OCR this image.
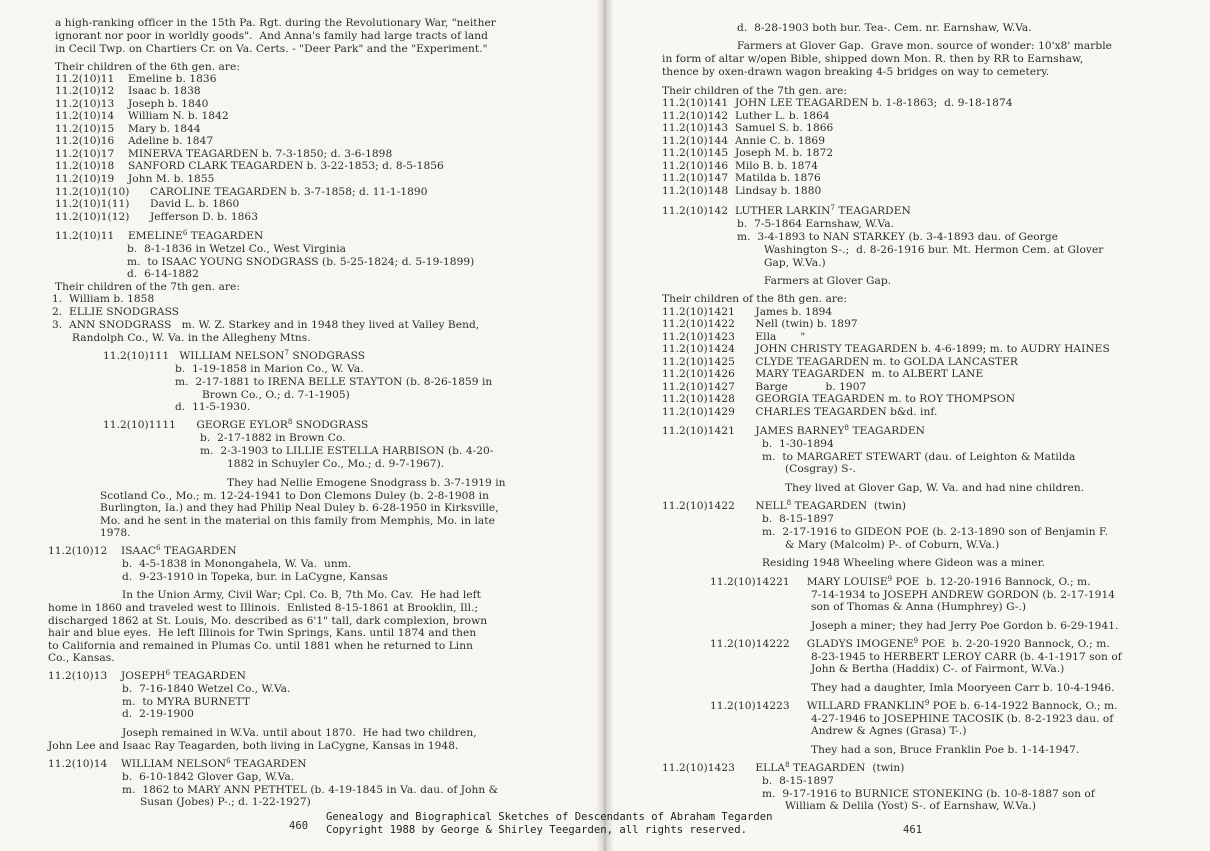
460
a high-ranking officer in the 15th Pa. Rgt. during the Revolutionary War, "neither
ignorant nor poor in worldly goods".  And Anna's family had large tracts of land
in Cecil Twp. on Chartiers Cr. on Va. Certs. - "Deer Park" and the "Experiment."
Their children of the 6th gen. are:
11.2(10)11    Emeline b. 1836
11.2(10)12    Isaac b. 1838
11.2(10)13    Joseph b. 1840
11.2(10)14    William N. b. 1842
11.2(10)15    Mary b. 1844
11.2(10)16    Adeline b. 1847
11.2(10)17    MINERVA TEAGARDEN b. 7-3-1850; d. 3-6-1898
11.2(10)18    SANFORD CLARK TEAGARDEN b. 3-22-1853; d. 8-5-1856
11.2(10)19    John M. b. 1855
11.2(10)1(10)      CAROLINE TEAGARDEN b. 3-7-1858; d. 11-1-1890
11.2(10)1(11)      David L. b. 1860
11.2(10)1(12)      Jefferson D. b. 1863
11.2(10)11    EMELINE$^6$ TEAGARDEN
b.  8-1-1836 in Wetzel Co., West Virginia
m.  to ISAAC YOUNG SNODGRASS (b. 5-25-1824; d. 5-19-1899)
d.  6-14-1882
Their children of the 7th gen. are:
1.  William b. 1858
2.  ELLIE SNODGRASS
3.  ANN SNODGRASS   m. W. Z. Starkey and in 1948 they lived at Valley Bend,
Randolph Co., W. Va. in the Allegheny Mtns.
11.2(10)111   WILLIAM NELSON$^7$ SNODGRASS
b.  1-19-1858 in Marion Co., W. Va.
m.  2-17-1881 to IRENA BELLE STAYTON (b. 8-26-1859 in
Brown Co., O.; d. 7-1-1905)
d.  11-5-1930.
11.2(10)1111      GEORGE EYLOR$^8$ SNODGRASS
b.  2-17-1882 in Brown Co.
m.  2-3-1903 to LILLIE ESTELLA HARBISON (b. 4-20-
1882 in Schuyler Co., Mo.; d. 9-7-1967).
They had Nellie Emogene Snodgrass b. 3-7-1919 in
Scotland Co., Mo.; m. 12-24-1941 to Don Clemons Duley (b. 2-8-1908 in
Burlington, Ia.) and they had Philip Neal Duley b. 6-28-1950 in Kirksville,
Mo. and he sent in the material on this family from Memphis, Mo. in late
1978.
11.2(10)12    ISAAC$^6$ TEAGARDEN
b.  4-5-1838 in Monongahela, W. Va.  unm.
d.  9-23-1910 in Topeka, bur. in LaCygne, Kansas
In the Union Army, Civil War; Cpl. Co. B, 7th Mo. Cav.  He had left
home in 1860 and traveled west to Illinois.  Enlisted 8-15-1861 at Brooklin, Ill.;
discharged 1862 at St. Louis, Mo. described as 6'1" tall, dark complexion, brown
hair and blue eyes.  He left Illinois for Twin Springs, Kans. until 1874 and then
to California and remained in Plumas Co. until 1881 when he returned to Linn
Co., Kansas.
11.2(10)13    JOSEPH$^6$ TEAGARDEN
b.  7-16-1840 Wetzel Co., W.Va.
m.  to MYRA BURNETT
d.  2-19-1900
Joseph remained in W.Va. until about 1870.  He had two children,
John Lee and Isaac Ray Teagarden, both living in LaCygne, Kansas in 1948.
11.2(10)14    WILLIAM NELSON$^6$ TEAGARDEN
b.  6-10-1842 Glover Gap, W.Va.
m.  1862 to MARY ANN PETHTEL (b. 4-19-1845 in Va. dau. of John &
Susan (Jobes) P-.; d. 1-22-1927)
461
d.  8-28-1903 both bur. Tea-. Cem. nr. Earnshaw, W.Va.
Farmers at Glover Gap.  Grave mon. source of wonder: 10'x8' marble
in form of altar w/open Bible, shipped down Mon. R. then by RR to Earnshaw,
thence by oxen-drawn wagon breaking 4-5 bridges on way to cemetery.
Their children of the 7th gen. are:
11.2(10)141  JOHN LEE TEAGARDEN b. 1-8-1863;  d. 9-18-1874
11.2(10)142  Luther L. b. 1864
11.2(10)143  Samuel S. b. 1866
11.2(10)144  Annie C. b. 1869
11.2(10)145  Joseph M. b. 1872
11.2(10)146  Milo B. b. 1874
11.2(10)147  Matilda b. 1876
11.2(10)148  Lindsay b. 1880
11.2(10)142  LUTHER LARKIN$^7$ TEAGARDEN
b.  7-5-1864 Earnshaw, W.Va.
m.  3-4-1893 to NAN STARKEY (b. 3-4-1893 dau. of George
Washington S-.;  d. 8-26-1916 bur. Mt. Hermon Cem. at Glover
Gap, W.Va.)
Farmers at Glover Gap.
Their children of the 8th gen. are:
11.2(10)1421      James b. 1894
11.2(10)1422      Nell (twin) b. 1897
11.2(10)1423      Ella       "
11.2(10)1424      JOHN CHRISTY TEAGARDEN b. 4-6-1899; m. to AUDRY HAINES
11.2(10)1425      CLYDE TEAGARDEN m. to GOLDA LANCASTER
11.2(10)1426      MARY TEAGARDEN  m. to ALBERT LANE
11.2(10)1427      Barge           b. 1907
11.2(10)1428      GEORGIA TEAGARDEN m. to ROY THOMPSON
11.2(10)1429      CHARLES TEAGARDEN b&d. inf.
11.2(10)1421      JAMES BARNEY$^8$ TEAGARDEN
b.  1-30-1894
m.  to MARGARET STEWART (dau. of Leighton & Matilda
(Cosgray) S-.
They lived at Glover Gap, W. Va. and had nine children.
11.2(10)1422      NELL$^8$ TEAGARDEN  (twin)
b.  8-15-1897
m.  2-17-1916 to GIDEON POE (b. 2-13-1890 son of Benjamin F.
& Mary (Malcolm) P-. of Coburn, W.Va.)
Residing 1948 Wheeling where Gideon was a miner.
11.2(10)14221     MARY LOUISE$^9$ POE  b. 12-20-1916 Bannock, O.; m.
7-14-1934 to JOSEPH ANDREW GORDON (b. 2-17-1914
son of Thomas & Anna (Humphrey) G-.)
Joseph a miner; they had Jerry Poe Gordon b. 6-29-1941.
11.2(10)14222     GLADYS IMOGENE$^9$ POE  b. 2-20-1920 Bannock, O.; m.
8-23-1945 to HERBERT LEROY CARR (b. 4-1-1917 son of
John & Bertha (Haddix) C-. of Fairmont, W.Va.)
They had a daughter, Imla Mooryeen Carr b. 10-4-1946.
11.2(10)14223     WILLARD FRANKLIN$^9$ POE b. 6-14-1922 Bannock, O.; m.
4-27-1946 to JOSEPHINE TACOSIK (b. 8-2-1923 dau. of
Andrew & Agnes (Grasa) T-.)
They had a son, Bruce Franklin Poe b. 1-14-1947.
11.2(10)1423      ELLA$^8$ TEAGARDEN  (twin)
b.  8-15-1897
m.  9-17-1916 to BURNICE STONEKING (b. 10-8-1887 son of
William & Delila (Yost) S-. of Earnshaw, W.Va.)
Genealogy and Biographical Sketches of Descendants of Abraham Tegarden
Copyright 1988 by George & Shirley Teegarden, all rights reserved.
